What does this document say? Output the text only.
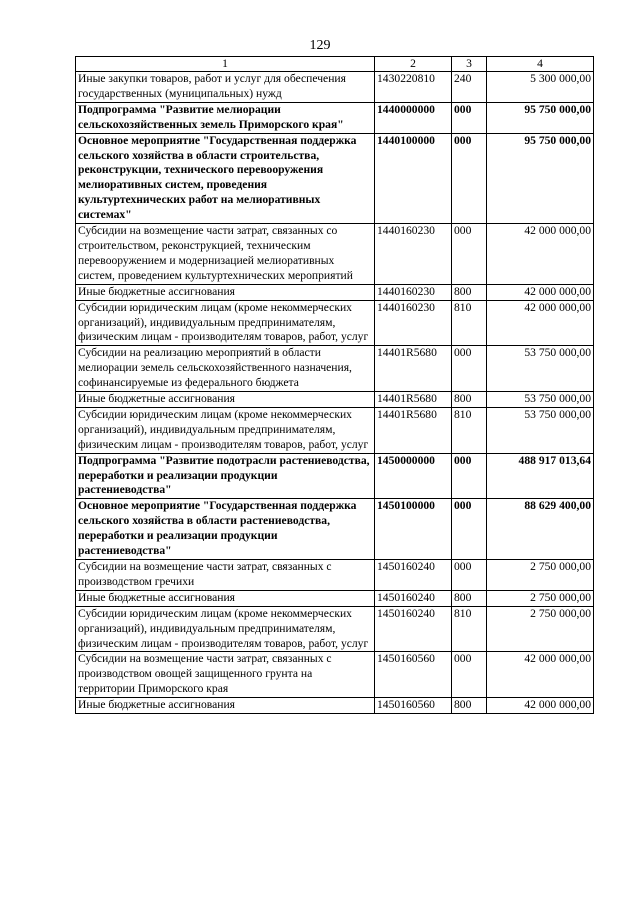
129
1	2	3	4
Иные закупки товаров, работ и услуг для обеспечения государственных (муниципальных) нужд	1430220810	240	5 300 000,00
Подпрограмма "Развитие мелиорации сельскохозяйственных земель Приморского края"	1440000000	000	95 750 000,00
Основное мероприятие "Государственная поддержка сельского хозяйства в области строительства, реконструкции, технического перевооружения мелиоративных систем, проведения культуртехнических работ на мелиоративных системах"	1440100000	000	95 750 000,00
Субсидии на возмещение части затрат, связанных со строительством, реконструкцией, техническим перевооружением и модернизацией мелиоративных систем, проведением культуртехнических мероприятий	1440160230	000	42 000 000,00
Иные бюджетные ассигнования	1440160230	800	42 000 000,00
Субсидии юридическим лицам (кроме некоммерческих организаций), индивидуальным предпринимателям, физическим лицам - производителям товаров, работ, услуг	1440160230	810	42 000 000,00
Субсидии на реализацию мероприятий в области мелиорации земель сельскохозяйственного назначения, софинансируемые из федерального бюджета	14401R5680	000	53 750 000,00
Иные бюджетные ассигнования	14401R5680	800	53 750 000,00
Субсидии юридическим лицам (кроме некоммерческих организаций), индивидуальным предпринимателям, физическим лицам - производителям товаров, работ, услуг	14401R5680	810	53 750 000,00
Подпрограмма "Развитие подотрасли растениеводства, переработки и реализации продукции растениеводства"	1450000000	000	488 917 013,64
Основное мероприятие "Государственная поддержка сельского хозяйства в области растениеводства, переработки и реализации продукции растениеводства"	1450100000	000	88 629 400,00
Субсидии на возмещение части затрат, связанных с производством гречихи	1450160240	000	2 750 000,00
Иные бюджетные ассигнования	1450160240	800	2 750 000,00
Субсидии юридическим лицам (кроме некоммерческих организаций), индивидуальным предпринимателям, физическим лицам - производителям товаров, работ, услуг	1450160240	810	2 750 000,00
Субсидии на возмещение части затрат, связанных с производством овощей защищенного грунта на территории Приморского края	1450160560	000	42 000 000,00
Иные бюджетные ассигнования	1450160560	800	42 000 000,00
